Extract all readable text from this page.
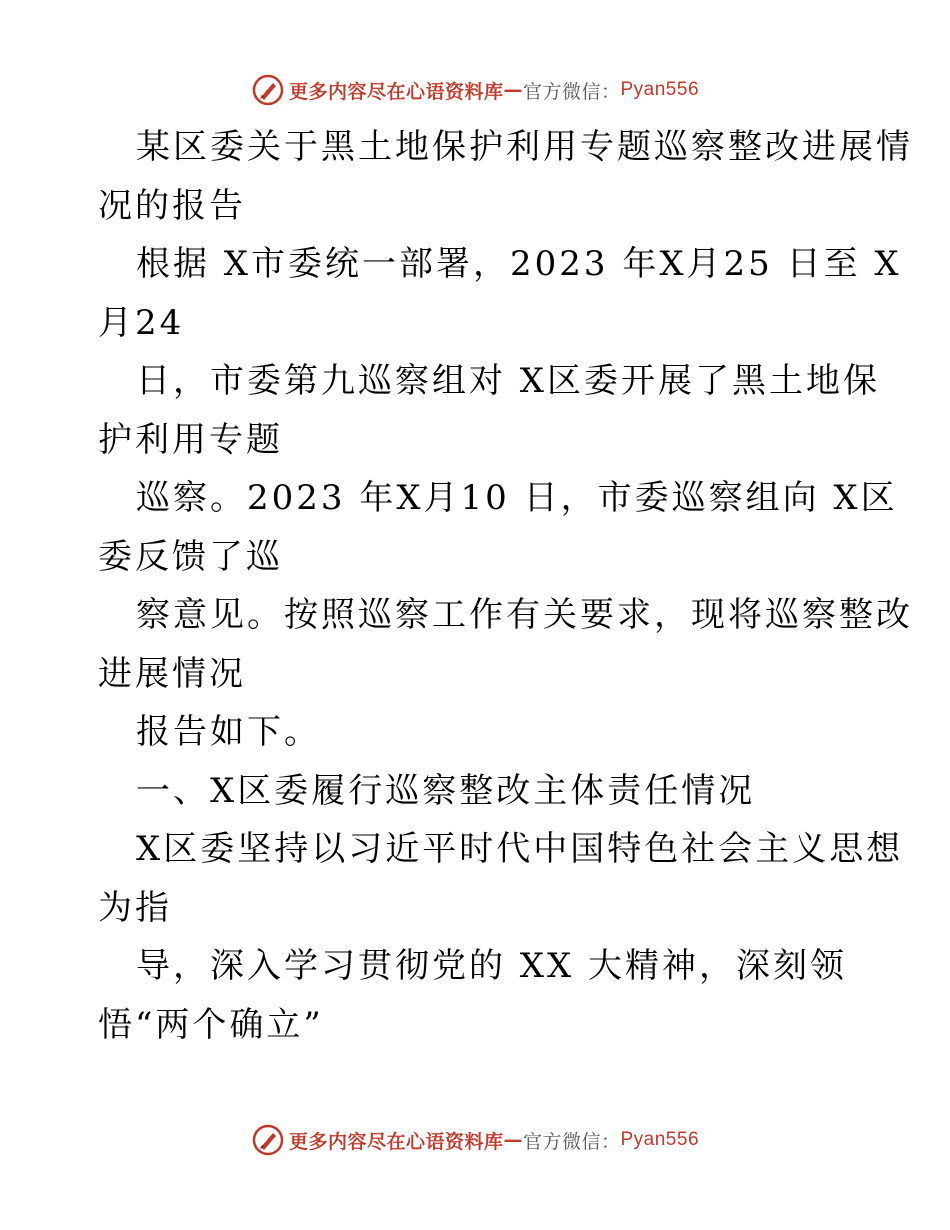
更多内容尽在心语资料库 — 官方微信： Pyan556
某区委关于黑土地保护利用专题巡察整改进展情
况的报告
根据 X市委统一部署，2023 年X月25 日至 X
月24
日，市委第九巡察组对 X区委开展了黑土地保
护利用专题
巡察。2023 年X月10 日，市委巡察组向 X区
委反馈了巡
察意见。按照巡察工作有关要求，现将巡察整改
进展情况
报告如下。
一、X区委履行巡察整改主体责任情况
X区委坚持以习近平时代中国特色社会主义思想
为指
导，深入学习贯彻党的 XX 大精神，深刻领
悟“两个确立”
更多内容尽在心语资料库 — 官方微信： Pyan556
